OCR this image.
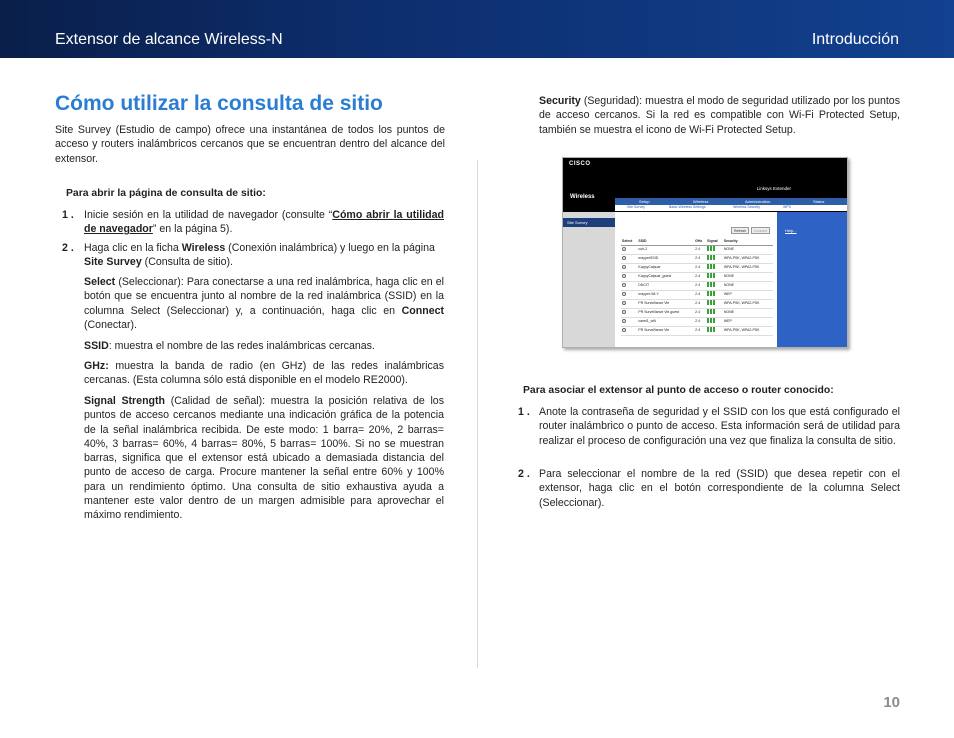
Extensor de alcance Wireless-N	Introducción
Cómo utilizar la consulta de sitio

Site Survey (Estudio de campo) ofrece una instantánea de todos los puntos de acceso y routers inalámbricos cercanos que se encuentran dentro del alcance del extensor.

Para abrir la página de consulta de sitio:
1 . Inicie sesión en la utilidad de navegador (consulte “Cómo abrir la utilidad de navegador” en la página 5).

2 . Haga clic en la ficha Wireless (Conexión inalámbrica) y luego en la página Site Survey (Consulta de sitio).

Select (Seleccionar): Para conectarse a una red inalámbrica, haga clic en el botón que se encuentra junto al nombre de la red inalámbrica (SSID) en la columna Select (Seleccionar) y, a continuación, haga clic en Connect (Conectar).

SSID: muestra el nombre de las redes inalámbricas cercanas.

GHz: muestra la banda de radio (en GHz) de las redes inalámbricas cercanas. (Esta columna sólo está disponible en el modelo RE2000).

Signal Strength (Calidad de señal): muestra la posición relativa de los puntos de acceso cercanos mediante una indicación gráfica de la potencia de la señal inalámbrica recibida. De este modo: 1 barra= 20%, 2 barras= 40%, 3 barras= 60%, 4 barras= 80%, 5 barras= 100%. Si no se muestran barras, significa que el extensor está ubicado a demasiada distancia del punto de acceso de carga. Procure mantener la señal entre 60% y 100% para un rendimiento óptimo. Una consulta de sitio exhaustiva ayuda a mantener este valor dentro de un margen admisible para aprovechar el máximo rendimiento.

Security (Seguridad): muestra el modo de seguridad utilizado por los puntos de acceso cercanos. Si la red es compatible con Wi-Fi Protected Setup, también se muestra el icono de Wi-Fi Protected Setup.

CISCO
Wireless
Linksys Extender
Setup	Wireless	Administration	Status
Site Survey	Basic Wireless Settings	Wireless Security	WPS
Site Survey
Help...
Refresh	Connect
Select	SSID	GHz	Signal	Security
	cuh-2	2.4		NONE
	mayperSSID	2.4		WPA-PSK, WPA2-PSK
	KuppyCalpuar	2.4		WPA-PSK, WPA2-PSK
	KuppyCalpuar_guest	2.4		NONE
	DNCIT	2.4		NONE
	mayper-Wi-Y	2.4		WEP
	PR Surveillance Vie	2.4		WPA-PSK, WPA2-PSK
	PR Surveillance Vie-guest	2.4		NONE
	canel1_wifi	2.4		WEP
	PR Surveillance Vie	2.4		WPA-PSK, WPA2-PSK
Para asociar el extensor al punto de acceso o router conocido:
1 . Anote la contraseña de seguridad y el SSID con los que está configurado el router inalámbrico o punto de acceso. Esta información será de utilidad para realizar el proceso de configuración una vez que finaliza la consulta de sitio.

2 . Para seleccionar el nombre de la red (SSID) que desea repetir con el extensor, haga clic en el botón correspondiente de la columna Select (Seleccionar).

10
